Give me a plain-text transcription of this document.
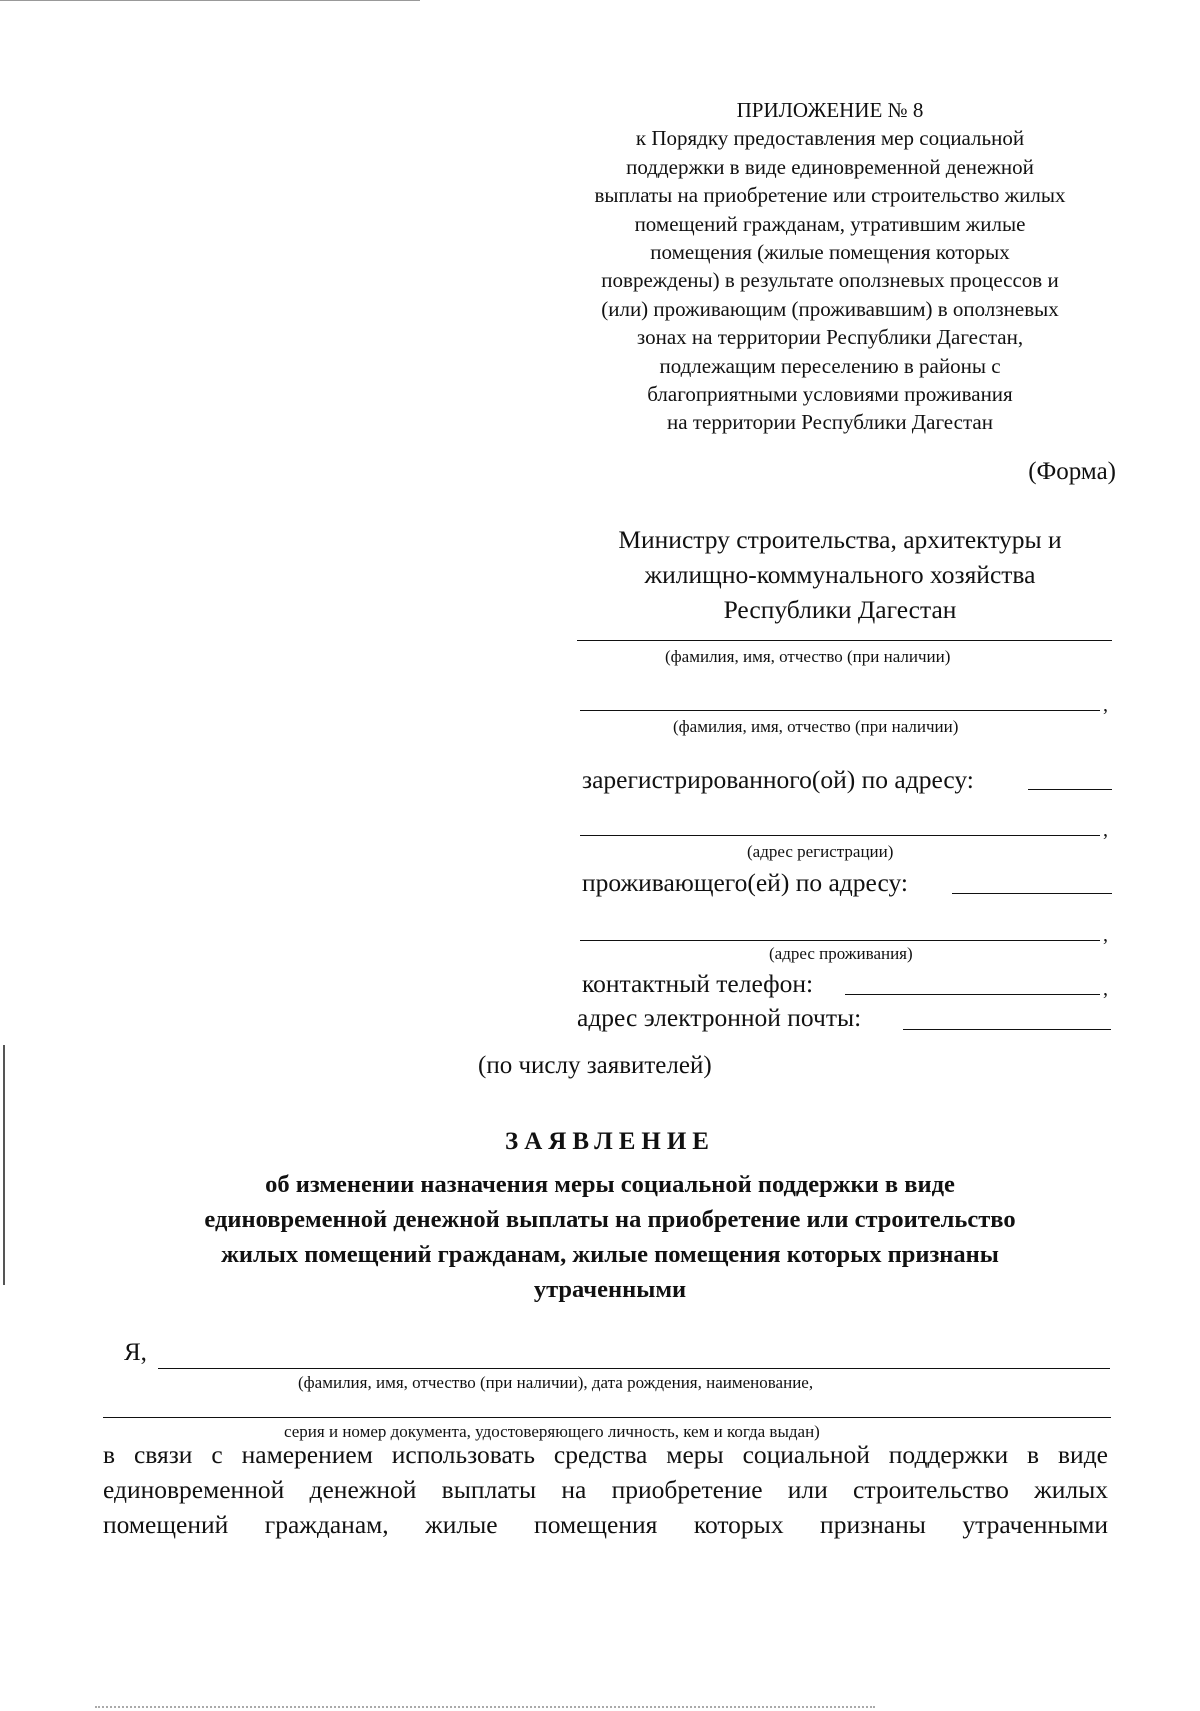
ПРИЛОЖЕНИЕ № 8
к Порядку предоставления мер социальной
поддержки в виде единовременной денежной
выплаты на приобретение или строительство жилых
помещений гражданам, утратившим жилые
помещения (жилые помещения которых
повреждены) в результате оползневых процессов и
(или) проживающим (проживавшим) в оползневых
зонах на территории Республики Дагестан,
подлежащим переселению в районы с
благоприятными условиями проживания
на территории Республики Дагестан
(Форма)
Министру строительства, архитектуры и
жилищно-коммунального хозяйства
Республики Дагестан
(фамилия, имя, отчество (при наличии)
,
(фамилия, имя, отчество (при наличии)
зарегистрированного(ой) по адресу:
,
(адрес регистрации)
проживающего(ей) по адресу:
,
(адрес проживания)
контактный телефон:	,
адрес электронной почты:
(по числу заявителей)
ЗАЯВЛЕНИЕ
об изменении назначения меры социальной поддержки в виде
единовременной денежной выплаты на приобретение или строительство
жилых помещений гражданам, жилые помещения которых признаны
утраченными
Я,
(фамилия, имя, отчество (при наличии), дата рождения, наименование,
серия и номер документа, удостоверяющего личность, кем и когда выдан)
в связи с намерением использовать средства меры социальной поддержки в виде
единовременной денежной выплаты на приобретение или строительство жилых
помещений гражданам, жилые помещения которых признаны утраченными
